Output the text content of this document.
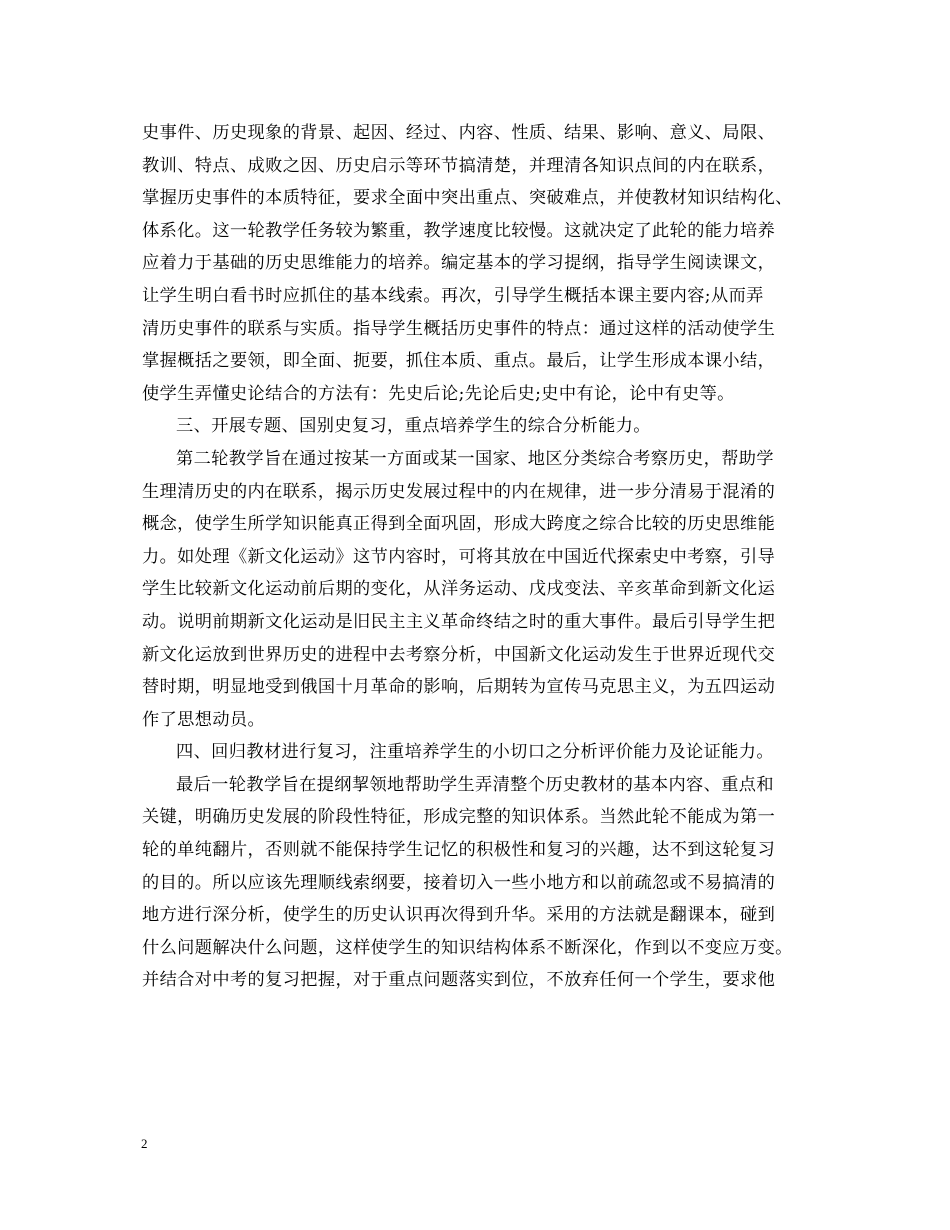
史事件、历史现象的背景、起因、经过、内容、性质、结果、影响、意义、局限、
教训、特点、成败之因、历史启示等环节搞清楚，并理清各知识点间的内在联系，
掌握历史事件的本质特征，要求全面中突出重点、突破难点，并使教材知识结构化、
体系化。这一轮教学任务较为繁重，教学速度比较慢。这就决定了此轮的能力培养
应着力于基础的历史思维能力的培养。编定基本的学习提纲，指导学生阅读课文，
让学生明白看书时应抓住的基本线索。再次，引导学生概括本课主要内容;从而弄
清历史事件的联系与实质。指导学生概括历史事件的特点：通过这样的活动使学生
掌握概括之要领，即全面、扼要，抓住本质、重点。最后，让学生形成本课小结，
使学生弄懂史论结合的方法有：先史后论;先论后史;史中有论，论中有史等。
三、开展专题、国别史复习，重点培养学生的综合分析能力。
第二轮教学旨在通过按某一方面或某一国家、地区分类综合考察历史，帮助学
生理清历史的内在联系，揭示历史发展过程中的内在规律，进一步分清易于混淆的
概念，使学生所学知识能真正得到全面巩固，形成大跨度之综合比较的历史思维能
力。如处理《新文化运动》这节内容时，可将其放在中国近代探索史中考察，引导
学生比较新文化运动前后期的变化，从洋务运动、戊戌变法、辛亥革命到新文化运
动。说明前期新文化运动是旧民主主义革命终结之时的重大事件。最后引导学生把
新文化运放到世界历史的进程中去考察分析，中国新文化运动发生于世界近现代交
替时期，明显地受到俄国十月革命的影响，后期转为宣传马克思主义，为五四运动
作了思想动员。
四、回归教材进行复习，注重培养学生的小切口之分析评价能力及论证能力。
最后一轮教学旨在提纲挈领地帮助学生弄清整个历史教材的基本内容、重点和
关键，明确历史发展的阶段性特征，形成完整的知识体系。当然此轮不能成为第一
轮的单纯翻片，否则就不能保持学生记忆的积极性和复习的兴趣，达不到这轮复习
的目的。所以应该先理顺线索纲要，接着切入一些小地方和以前疏忽或不易搞清的
地方进行深分析，使学生的历史认识再次得到升华。采用的方法就是翻课本，碰到
什么问题解决什么问题，这样使学生的知识结构体系不断深化，作到以不变应万变。
并结合对中考的复习把握，对于重点问题落实到位，不放弃任何一个学生，要求他
2
